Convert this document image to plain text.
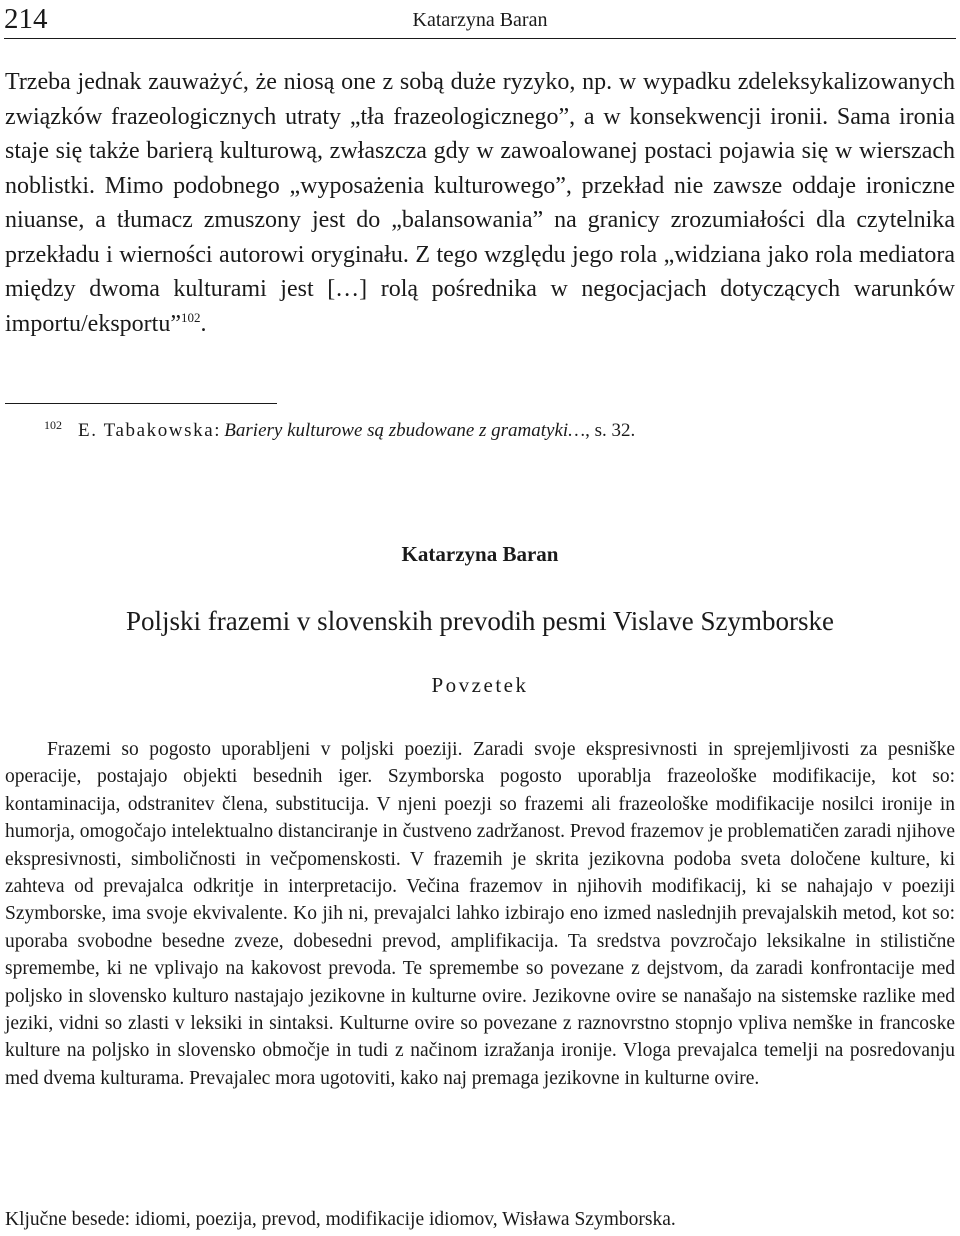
214	Katarzyna Baran

Trzeba jednak zauważyć, że niosą one z sobą duże ryzyko, np. w wypadku zdeleksykalizowanych związków frazeologicznych utraty „tła frazeologicznego”, a w konsekwencji ironii. Sama ironia staje się także barierą kulturową, zwłaszcza gdy w zawoalowanej postaci pojawia się w wierszach noblistki. Mimo podobnego „wyposażenia kulturowego”, przekład nie zawsze oddaje ironiczne niuanse, a tłumacz zmuszony jest do „balansowania” na granicy zrozumiałości dla czytelnika przekładu i wierności autorowi oryginału. Z tego względu jego rola „widziana jako rola mediatora między dwoma kulturami jest […] rolą pośrednika w negocjacjach dotyczących warunków importu/eksportu”$^{102}$.

102 E. Tabakowska: Bariery kulturowe są zbudowane z gramatyki…, s. 32.
Katarzyna Baran
Poljski frazemi v slovenskih prevodih pesmi Vislave Szymborske
Povzetek

Frazemi so pogosto uporabljeni v poljski poeziji. Zaradi svoje ekspresivnosti in sprejemljivosti za pesniške operacije, postajajo objekti besednih iger. Szymborska pogosto uporablja frazeološke modifikacije, kot so: kontaminacija, odstranitev člena, substitucija. V njeni poezji so frazemi ali frazeološke modifikacije nosilci ironije in humorja, omogočajo intelektualno distanciranje in čustveno zadržanost. Prevod frazemov je problematičen zaradi njihove ekspresivnosti, simboličnosti in večpomenskosti. V frazemih je skrita jezikovna podoba sveta določene kulture, ki zahteva od prevajalca odkritje in interpretacijo. Večina frazemov in njihovih modifikacij, ki se nahajajo v poeziji Szymborske, ima svoje ekvivalente. Ko jih ni, prevajalci lahko izbirajo eno izmed naslednjih prevajalskih metod, kot so: uporaba svobodne besedne zveze, dobesedni prevod, amplifikacija. Ta sredstva povzročajo leksikalne in stilistične spremembe, ki ne vplivajo na kakovost prevoda. Te spremembe so povezane z dejstvom, da zaradi konfrontacije med poljsko in slovensko kulturo nastajajo jezikovne in kulturne ovire. Jezikovne ovire se nanašajo na sistemske razlike med jeziki, vidni so zlasti v leksiki in sintaksi. Kulturne ovire so povezane z raznovrstno stopnjo vpliva nemške in francoske kulture na poljsko in slovensko območje in tudi z načinom izražanja ironije. Vloga prevajalca temelji na posredovanju med dvema kulturama. Prevajalec mora ugotoviti, kako naj premaga jezikovne in kulturne ovire.

Ključne besede: idiomi, poezija, prevod, modifikacije idiomov, Wisława Szymborska.
